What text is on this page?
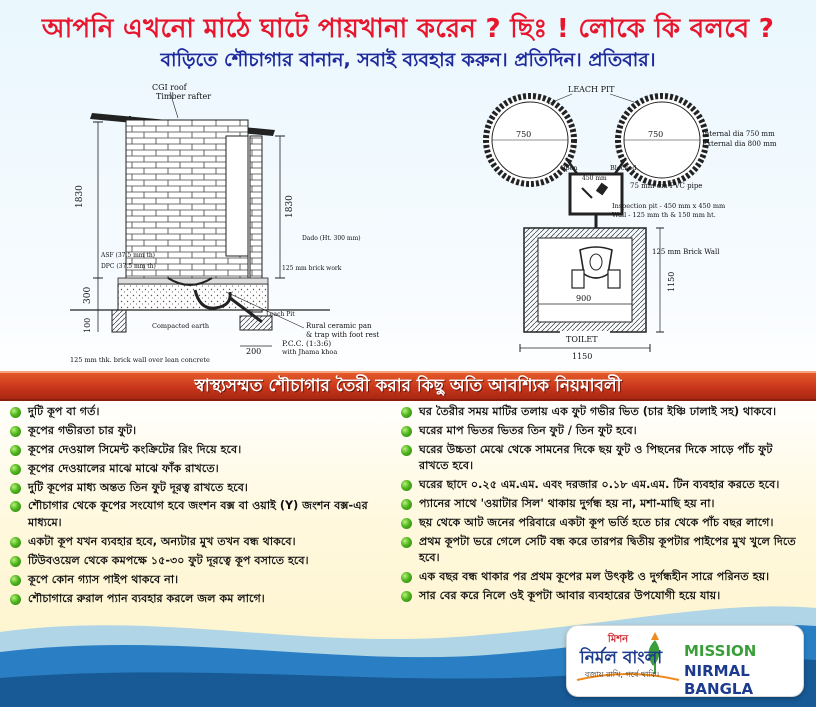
আপনি এখনো মাঠে ঘাটে পায়খানা করেন ? ছিঃ ! লোকে কি বলবে ?
বাড়িতে শৌচাগার বানান, সবাই ব্যবহার করুন। প্রতিদিন। প্রতিবার।
CGI roof
Timber rafter
1830	1830
300
100
Dado (Ht. 300 mm)
ASF (37.5 mm th)
DPC (37.5 mm th)	125 mm brick work
Compacted earth
Leach Pit
Rural ceramic pan
& trap with foot rest
P.C.C. (1:3:6)
with Jhama khoa
200
125 mm thk. brick wall over lean concrete
LEACH PIT
750	750	Internal dia 750 mm
External dia 800 mm
Open	Blocked
450 mm
75 mm dia PVC pipe
Inspection pit - 450 mm x 450 mm
Wall - 125 mm th & 150 mm ht.
125 mm Brick Wall
1150
900
TOILET
1150
স্বাস্থ্যসম্মত শৌচাগার তৈরী করার কিছু অতি আবশ্যিক নিয়মাবলী
দুটি কূপ বা গর্ত।
কূপের গভীরতা চার ফুট।
কূপের দেওয়াল সিমেন্ট কংক্রিটের রিং দিয়ে হবে।
কূপের দেওয়ালের মাঝে মাঝে ফাঁক রাখতে।
দুটি কূপের মাধ্য অন্তত তিন ফুট দূরত্ব রাখতে হবে।
শৌচাগার থেকে কূপের সংযোগ হবে জংশন বক্স বা ওয়াই (Y) জংশন বক্স-এর মাধ্যমে।
একটা কূপ যখন ব্যবহার হবে, অন্যটার মুখ তখন বন্ধ থাকবে।
টিউবওয়েল থেকে কমপক্ষে ১৫-৩০ ফুট দূরত্বে কূপ বসাতে হবে।
কূপে কোন গ্যাস পাইপ থাকবে না।
শৌচাগারে রুরাল প্যান ব্যবহার করলে জল কম লাগে।
ঘর তৈরীর সময় মাটির তলায় এক ফুট গভীর ভিত (চার ইঞ্চি ঢালাই সহ) থাকবে।
ঘরের মাপ ভিতর ভিতর তিন ফুট / তিন ফুট হবে।
ঘরের উচ্চতা মেঝে থেকে সামনের দিকে ছয় ফুট ও পিছনের দিকে সাড়ে পাঁচ ফুট রাখতে হবে।
ঘরের ছাদে ০.২৫ এম.এম. এবং দরজার ০.১৮ এম.এম. টিন ব্যবহার করতে হবে।
প্যানের সাথে 'ওয়াটার সিল' থাকায় দুর্গন্ধ হয় না, মশা-মাছি হয় না।
ছয় থেকে আট জনের পরিবারে একটা কূপ ভর্তি হতে চার থেকে পাঁচ বছর লাগে।
প্রথম কূপটা ভরে গেলে সেটি বন্ধ করে তারপর দ্বিতীয় কূপটার পাইপের মুখ খুলে দিতে হবে।
এক বছর বন্ধ থাকার পর প্রথম কূপের মল উৎকৃষ্ট ও দুর্গন্ধহীন সারে পরিনত হয়।
সার বের করে নিলে ওই কূপটা আবার ব্যবহারের উপযোগী হয়ে যায়।
মিশন
নির্মল বাংলা
বজায় রাখি, গর্বে থাকি।
MISSION
NIRMAL BANGLA
